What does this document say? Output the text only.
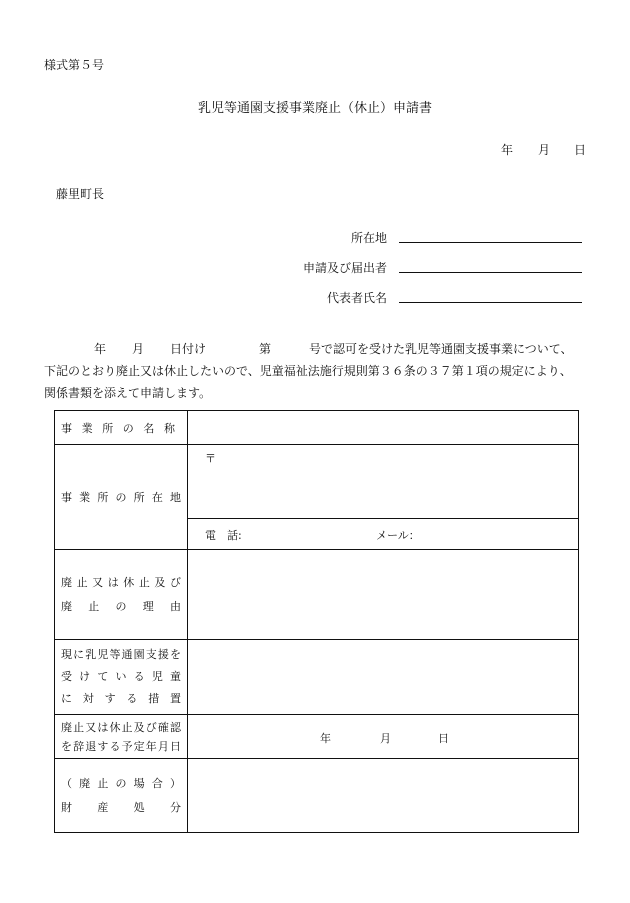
様式第５号
乳児等通園支援事業廃止（休止）申請書
年 月 日
藤里町長
所在地
申請及び届出者
代表者氏名
年 月 日付け	第	号で認可を受けた乳児等通園支援事業について、
下記のとおり廃止又は休止したいので、児童福祉法施行規則第３６条の３７第１項の規定により、
関係書類を添えて申請します。
事業所の名称	

事業所の所在地	〒

	電　話: メール：

廃止又は休止及び
廃止の理由	

現に乳児等通園支援を
受けている児童
に対する措置	

廃止又は休止及び確認
を辞退する予定年月日	年 月 日

（廃止の場合）
財産処分	
